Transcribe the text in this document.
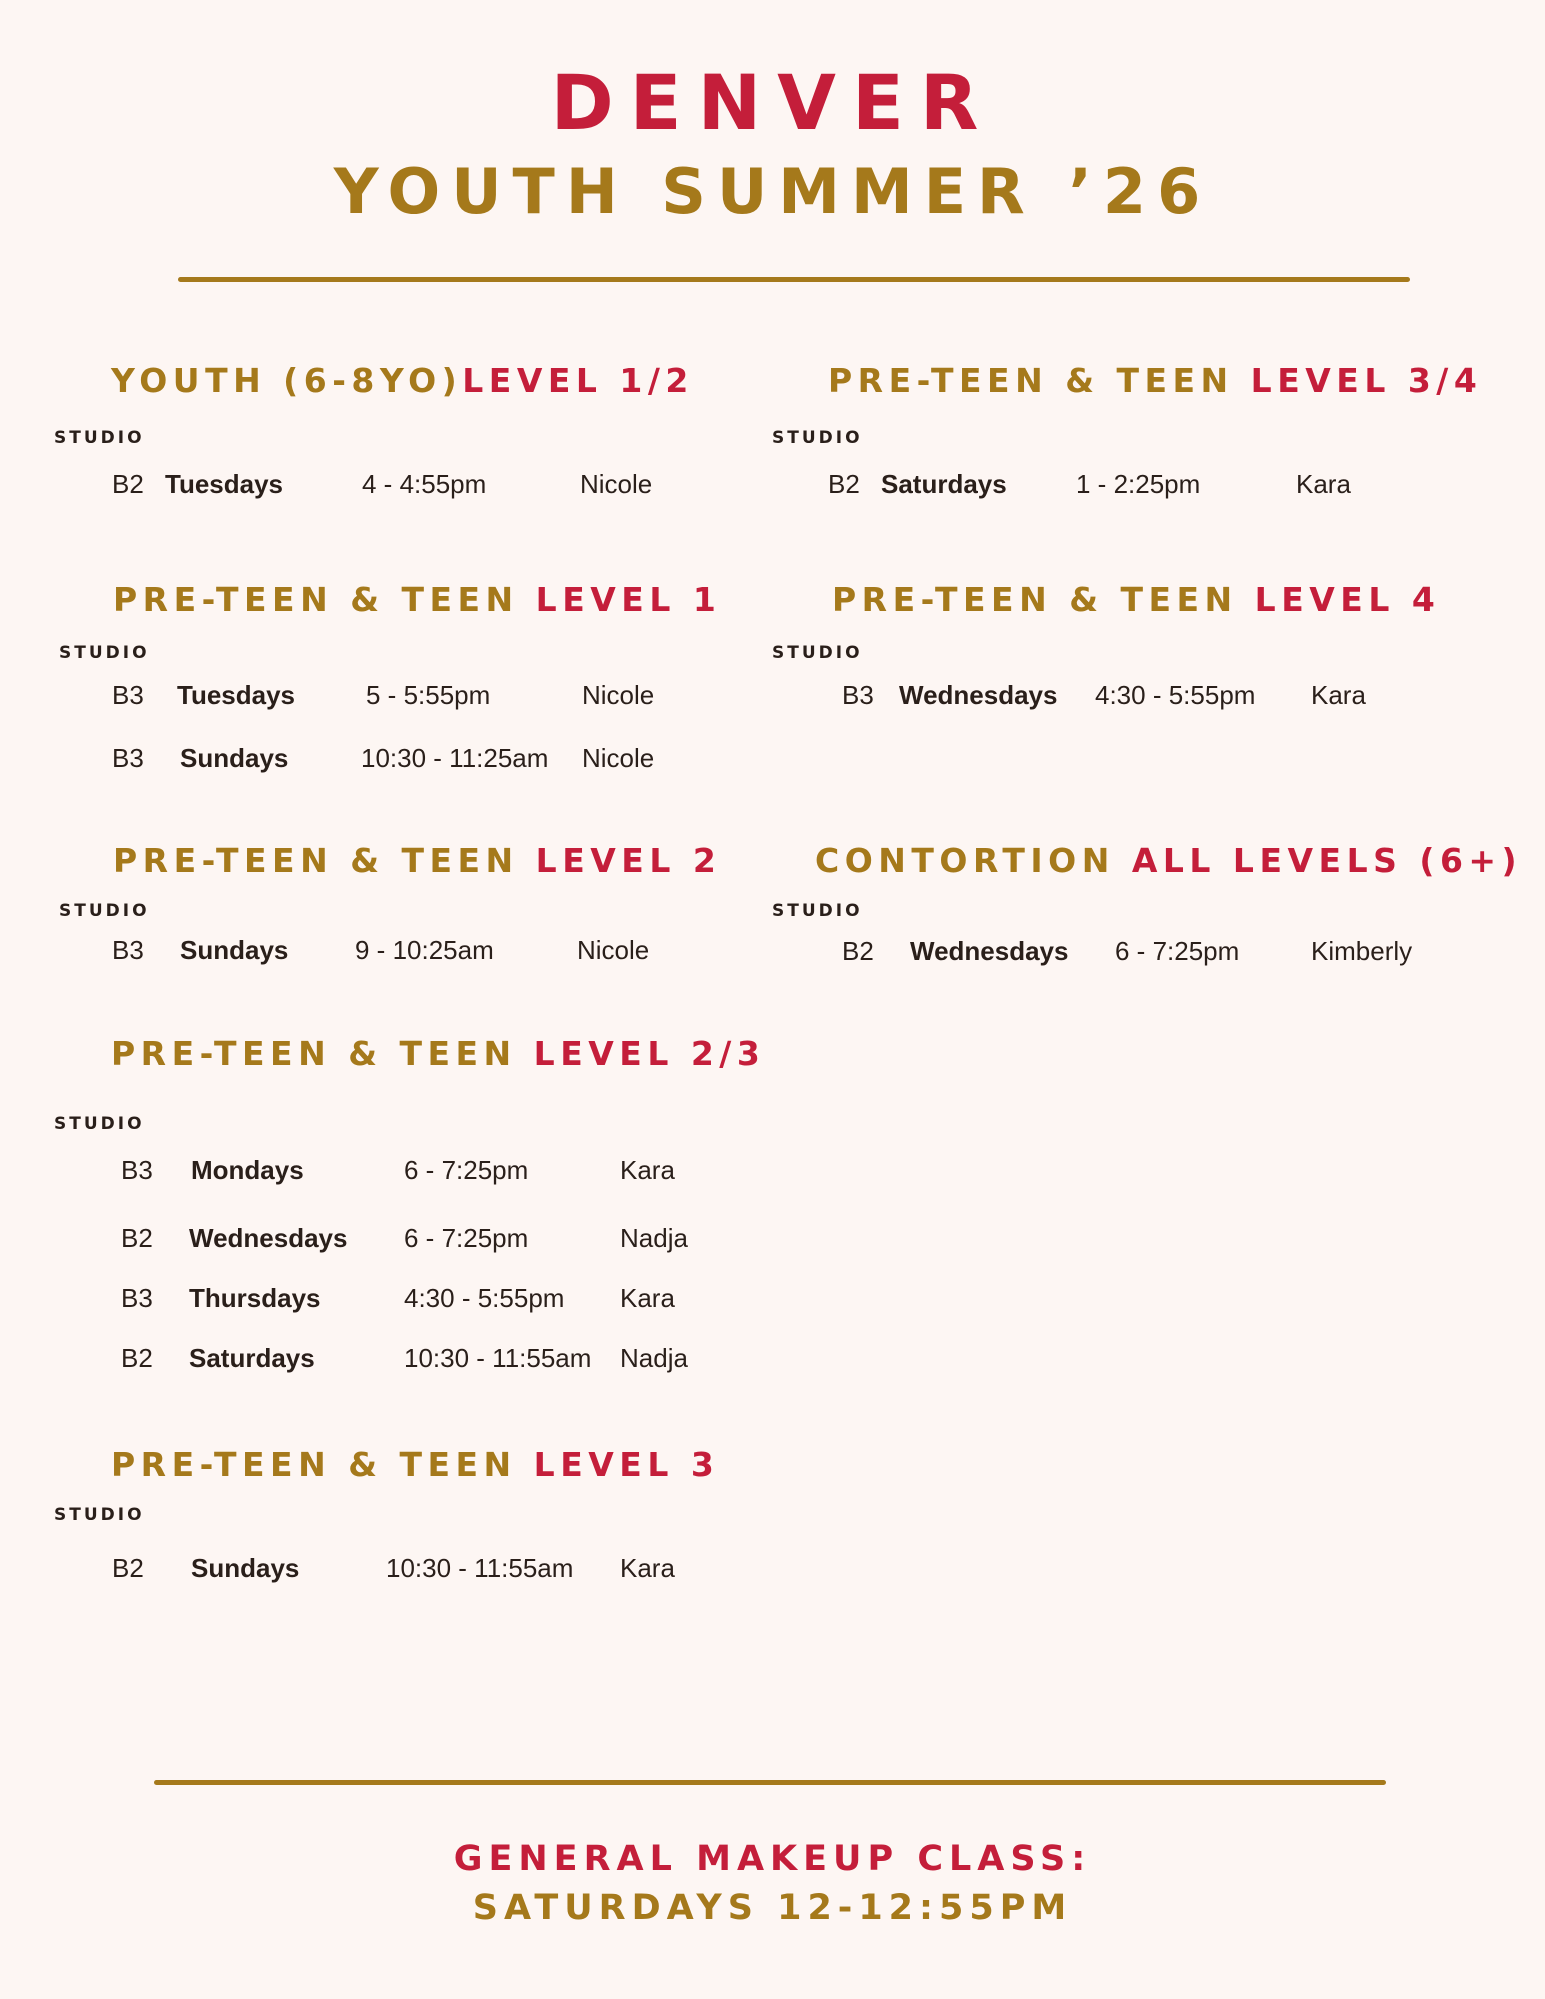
DENVER
YOUTH SUMMER ’26
YOUTH (6-8YO)LEVEL 1/2
STUDIO
B2 Tuesdays	4 - 4:55pm	Nicole
PRE-TEEN & TEEN LEVEL 3/4
STUDIO
B2 Saturdays	1 - 2:25pm	Kara
PRE-TEEN & TEEN LEVEL 1
STUDIO
B3 Tuesdays	5 - 5:55pm	Nicole
B3 Sundays	10:30 - 11:25am Nicole
PRE-TEEN & TEEN LEVEL 4
STUDIO
B3 Wednesdays 4:30 - 5:55pm Kara
PRE-TEEN & TEEN LEVEL 2
STUDIO
B3 Sundays	9 - 10:25am	Nicole
CONTORTION ALL LEVELS (6+)
STUDIO
B2 Wednesdays 6 - 7:25pm	Kimberly
PRE-TEEN & TEEN LEVEL 2/3
STUDIO
B3 Mondays	6 - 7:25pm	Kara
B2 Wednesdays 6 - 7:25pm	Nadja
B3 Thursdays	4:30 - 5:55pm Kara
B2 Saturdays	10:30 - 11:55am Nadja
PRE-TEEN & TEEN LEVEL 3
STUDIO
B2 Sundays	10:30 - 11:55am Kara
GENERAL MAKEUP CLASS:
SATURDAYS 12-12:55PM
